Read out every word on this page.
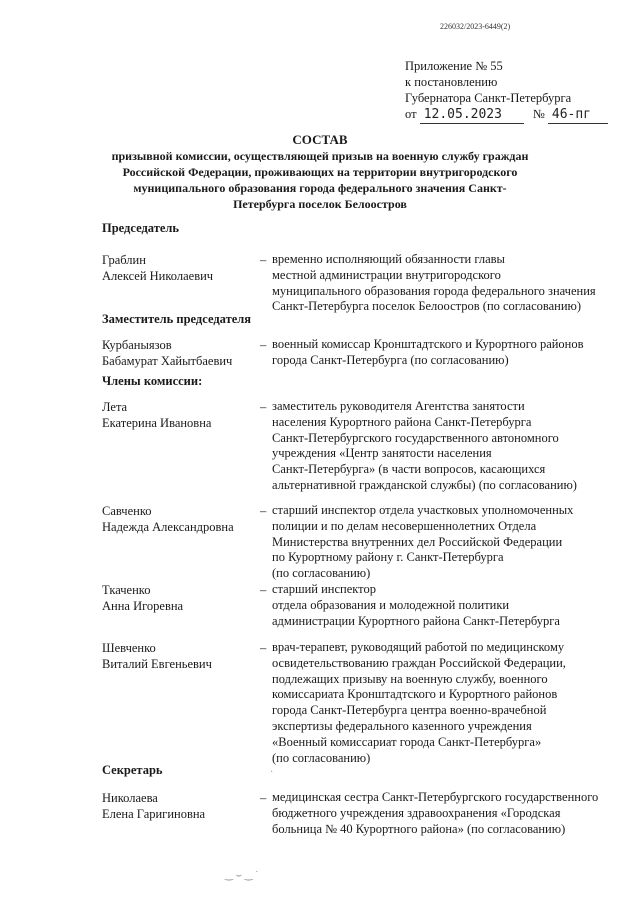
226032/2023-6449(2)
Приложение № 55
к постановлению
Губернатора Санкт-Петербурга
от 12.05.2023 № 46-пг
СОСТАВ
призывной комиссии, осуществляющей призыв на военную службу граждан Российской Федерации, проживающих на территории внутригородского муниципального образования города федерального значения Санкт-Петербурга поселок Белоостров
Председатель
Граблин
Алексей Николаевич
– временно исполняющий обязанности главы
местной администрации внутригородского
муниципального образования города федерального значения
Санкт-Петербурга поселок Белоостров (по согласованию)
Заместитель председателя
Курбаныязов
Бабамурат Хайытбаевич
– военный комиссар Кронштадтского и Курортного районов
города Санкт-Петербурга (по согласованию)
Члены комиссии:
Лета
Екатерина Ивановна
– заместитель руководителя Агентства занятости
населения Курортного района Санкт-Петербурга
Санкт-Петербургского государственного автономного
учреждения «Центр занятости населения
Санкт-Петербурга» (в части вопросов, касающихся
альтернативной гражданской службы) (по согласованию)
Савченко
Надежда Александровна
– старший инспектор отдела участковых уполномоченных
полиции и по делам несовершеннолетних Отдела
Министерства внутренних дел Российской Федерации
по Курортному району г. Санкт-Петербурга
(по согласованию)
Ткаченко
Анна Игоревна
– старший инспектор
отдела образования и молодежной политики
администрации Курортного района Санкт-Петербурга
Шевченко
Виталий Евгеньевич
– врач-терапевт, руководящий работой по медицинскому
освидетельствованию граждан Российской Федерации,
подлежащих призыву на военную службу, военного
комиссариата Кронштадтского и Курортного районов
города Санкт-Петербурга центра военно-врачебной
экспертизы федерального казенного учреждения
«Военный комиссариат города Санкт-Петербурга»
(по согласованию)
Секретарь
Николаева
Елена Гаригиновна
– медицинская сестра Санкт-Петербургского государственного
бюджетного учреждения здравоохранения «Городская
больница № 40 Курортного района» (по согласованию)
·
‿ ⌣ ‿ ˙
